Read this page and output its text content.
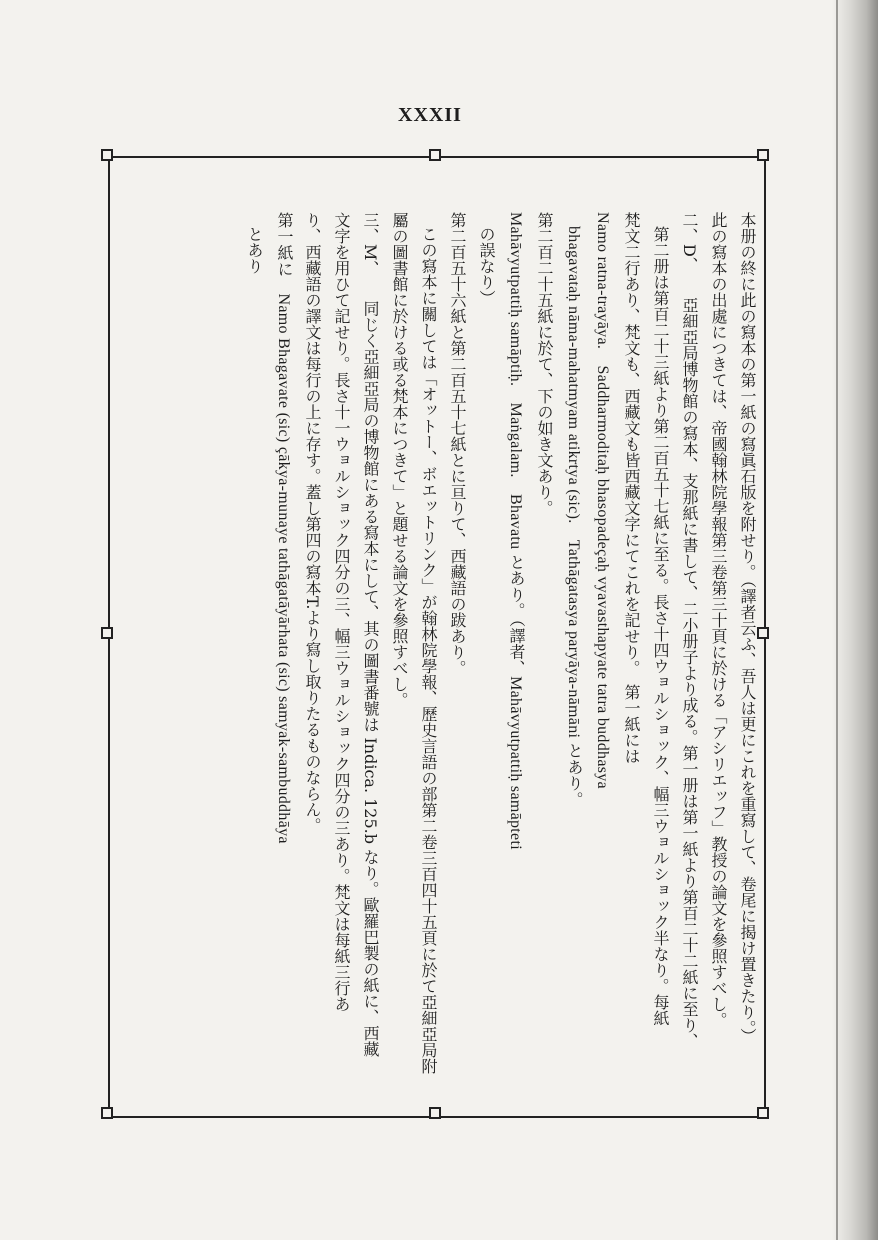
XXXII
本册の終に此の寫本の第一紙の寫眞石版を附せり。（譯者云ふ、吾人は更にこれを重寫して、卷尾に揭け置きたり。）
此の寫本の出處につきては、帝國翰林院學報第三卷第三十頁に於ける「アシリエッフ」教授の論文を參照すべし。
二、D、　　亞細亞局博物館の寫本、支那紙に書して、二小册子より成る。第一册は第一紙より第百二十二紙に至り、
第二册は第百二十三紙より第二百五十七紙に至る。長さ十四ウョルショック、幅三ウョルショック半なり。每紙
梵文二行あり、梵文も、西藏文も皆西藏文字にてこれを記せり。　第一紙には
Namo ratna-trayāya.　Saddharmoditaḥ bhasopadeçaḥ vyavasthapyate tatra buddhasya
bhagavataḥ nāma-mahatmyam atikrtya (sic).　Tathāgatasya paryāya-nāmāni とあり。
第二百二十五紙に於て、下の如き文あり。
Mahāvyutpattiḥ samāptiḥ.　Maṅgalam.　Bhavatu とあり。（譯者、Mahāvyutpattiḥ samāpteti
の誤なり）
第二百五十六紙と第二百五十七紙とに亘りて、西藏語の跋あり。
この寫本に關しては「オットー、ボエットリンク」が翰林院學報、歷史言語の部第二卷三百四十五頁に於て亞細亞局附
屬の圖書館に於ける或る梵本につきて」と題せる論文を參照すべし。
三、M、　　同じく亞細亞局の博物館にある寫本にして、其の圖書番號は Indica. 125.b なり。歐羅巴製の紙に、西藏
文字を用ひて記せり。長さ十一ウョルショック四分の三、幅三ウョルショック四分の三あり。梵文は每紙三行あ
り、西藏語の譯文は每行の上に存す。蓋し第四の寫本T.より寫し取りたるものならん。
第一紙に　Namo Bhagavate (sic) çākya-munaye tathāgatāyārhata (sic) samyak-sambuddhāya
とあり
